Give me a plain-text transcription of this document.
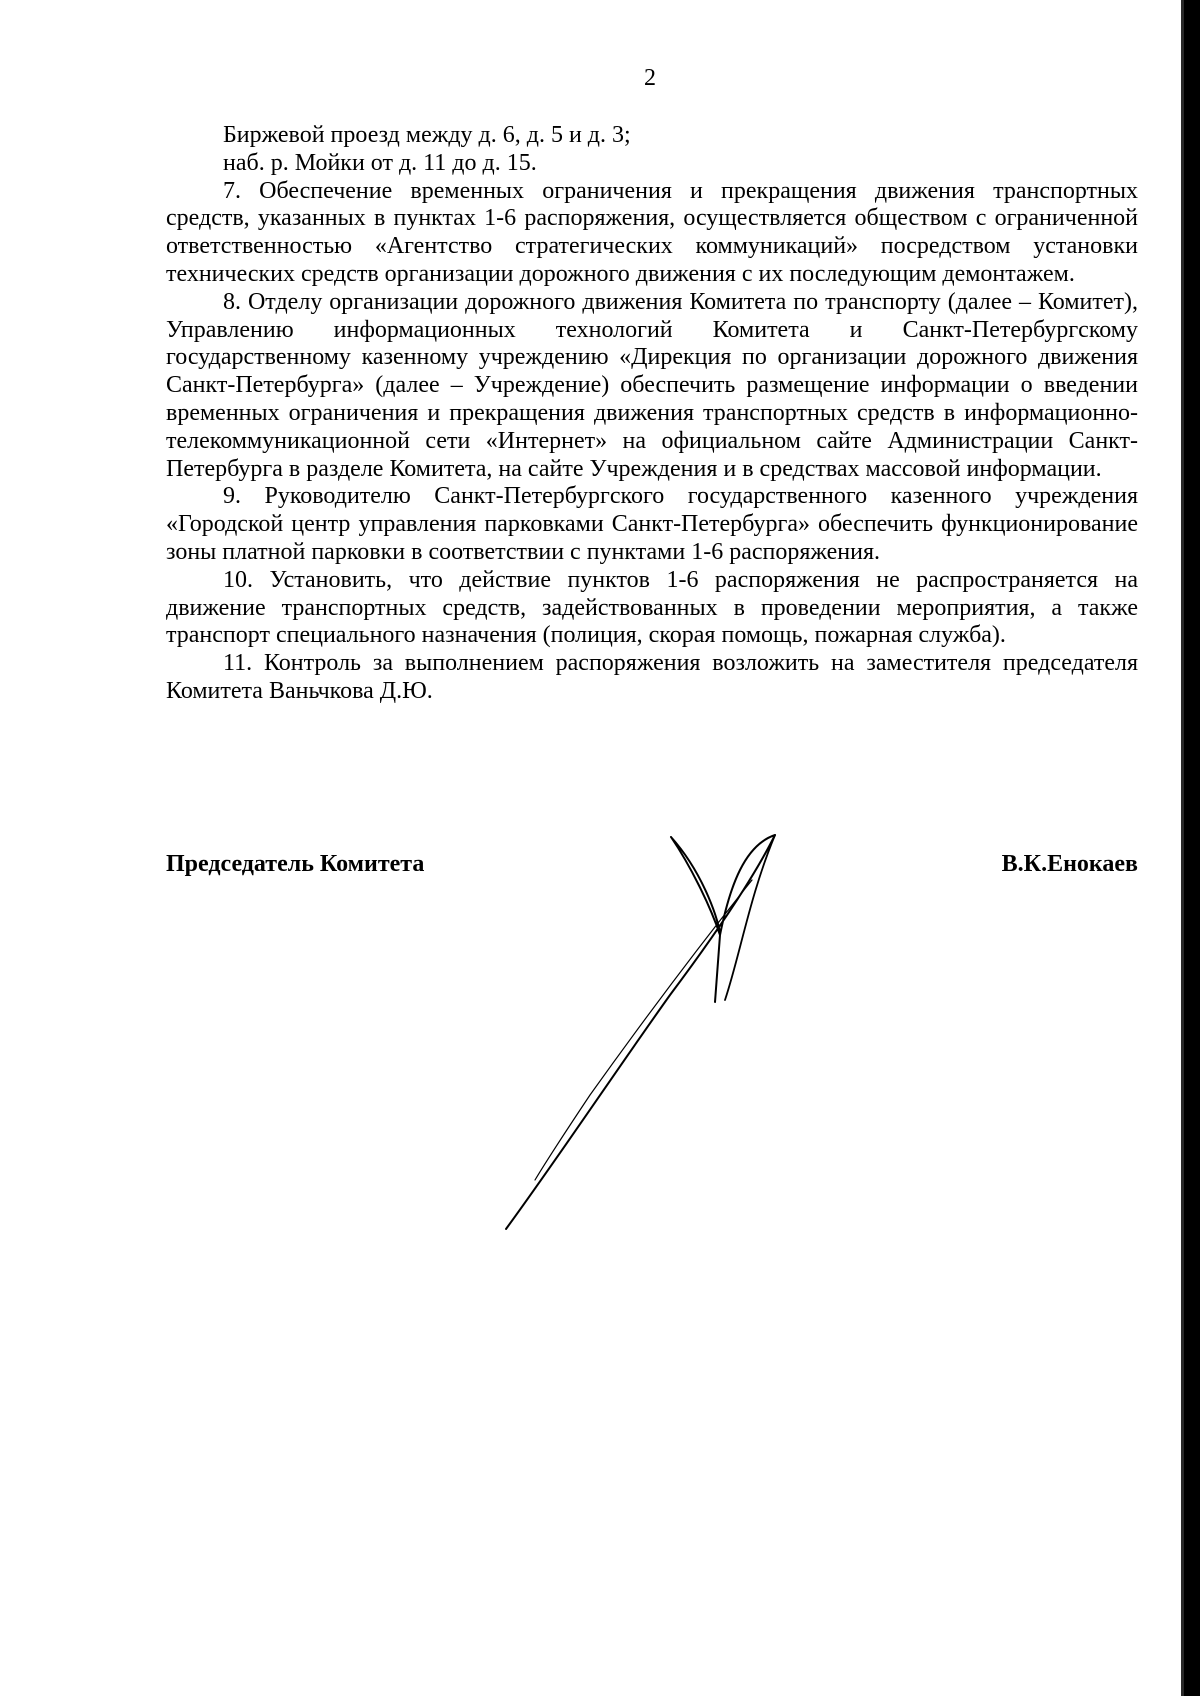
2
Биржевой проезд между д. 6, д. 5 и д. 3;
наб. р. Мойки от д. 11 до д. 15.

7. Обеспечение временных ограничения и прекращения движения транспортных средств, указанных в пунктах 1-6 распоряжения, осуществляется обществом с ограниченной ответственностью «Агентство стратегических коммуникаций» посредством установки технических средств организации дорожного движения с их последующим демонтажем.

8. Отделу организации дорожного движения Комитета по транспорту (далее – Комитет), Управлению информационных технологий Комитета и Санкт-Петербургскому государственному казенному учреждению «Дирекция по организации дорожного движения Санкт-Петербурга» (далее – Учреждение) обеспечить размещение информации о введении временных ограничения и прекращения движения транспортных средств в информационно-телекоммуникационной сети «Интернет» на официальном сайте Администрации Санкт-Петербурга в разделе Комитета, на сайте Учреждения и в средствах массовой информации.

9. Руководителю Санкт-Петербургского государственного казенного учреждения «Городской центр управления парковками Санкт-Петербурга» обеспечить функционирование зоны платной парковки в соответствии с пунктами 1-6 распоряжения.

10. Установить, что действие пунктов 1-6 распоряжения не распространяется на движение транспортных средств, задействованных в проведении мероприятия, а также транспорт специального назначения (полиция, скорая помощь, пожарная служба).

11. Контроль за выполнением распоряжения возложить на заместителя председателя Комитета Ваньчкова Д.Ю.

Председатель Комитета	В.К.Енокаев
